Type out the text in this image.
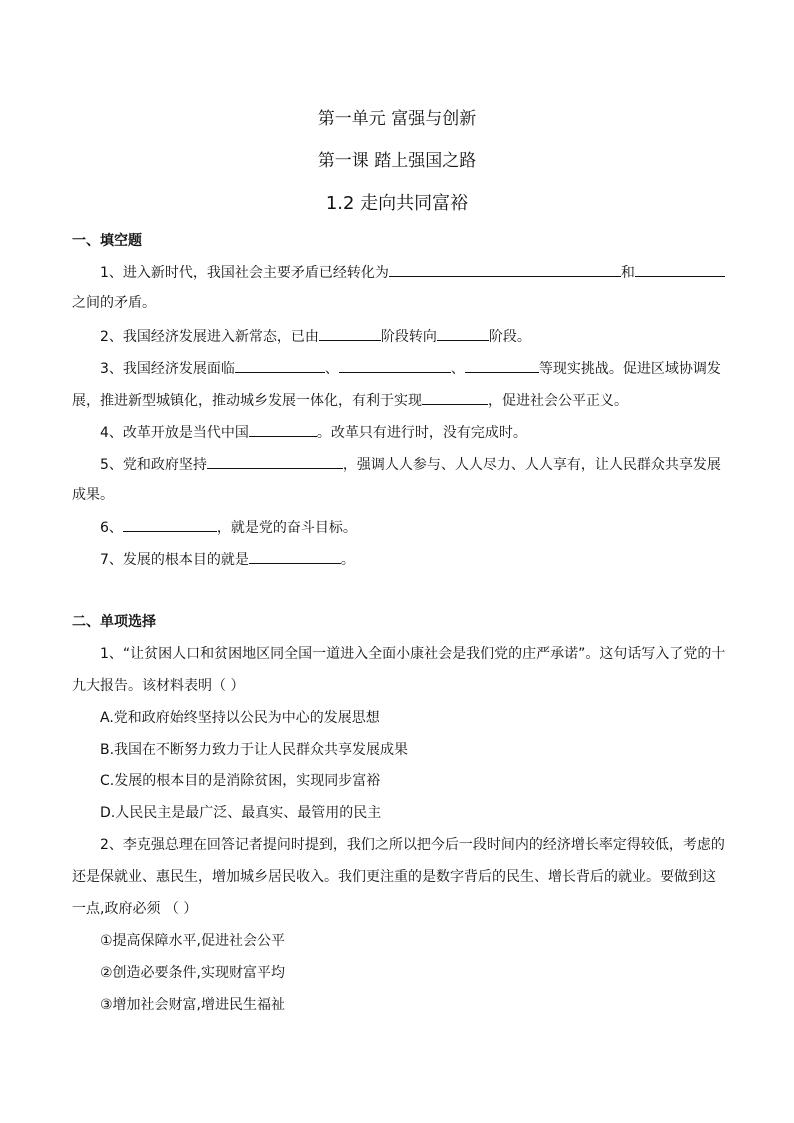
第一单元 富强与创新
第一课 踏上强国之路
1.2 走向共同富裕
一、填空题
1、进入新时代，我国社会主要矛盾已经转化为	和
之间的矛盾。
2、我国经济发展进入新常态，已由	阶段转向	阶段。
3、我国经济发展面临	、	、	等现实挑战。促进区域协调发
展，推进新型城镇化，推动城乡发展一体化，有利于实现	，促进社会公平正义。
4、改革开放是当代中国	。改革只有进行时，没有完成时。
5、党和政府坚持	，强调人人参与、人人尽力、人人享有，让人民群众共享发展
成果。
6、	，就是党的奋斗目标。
7、发展的根本目的就是	。
二、单项选择
1、“让贫困人口和贫困地区同全国一道进入全面小康社会是我们党的庄严承诺”。这句话写入了党的十
九大报告。该材料表明（ ）
A.党和政府始终坚持以公民为中心的发展思想
B.我国在不断努力致力于让人民群众共享发展成果
C.发展的根本目的是消除贫困，实现同步富裕
D.人民民主是最广泛、最真实、最管用的民主
2、李克强总理在回答记者提问时提到，我们之所以把今后一段时间内的经济增长率定得较低，考虑的
还是保就业、惠民生，增加城乡居民收入。我们更注重的是数字背后的民生、增长背后的就业。要做到这
一点,政府必须 （ ）
①提高保障水平,促进社会公平
②创造必要条件,实现财富平均
③增加社会财富,增进民生福祉
